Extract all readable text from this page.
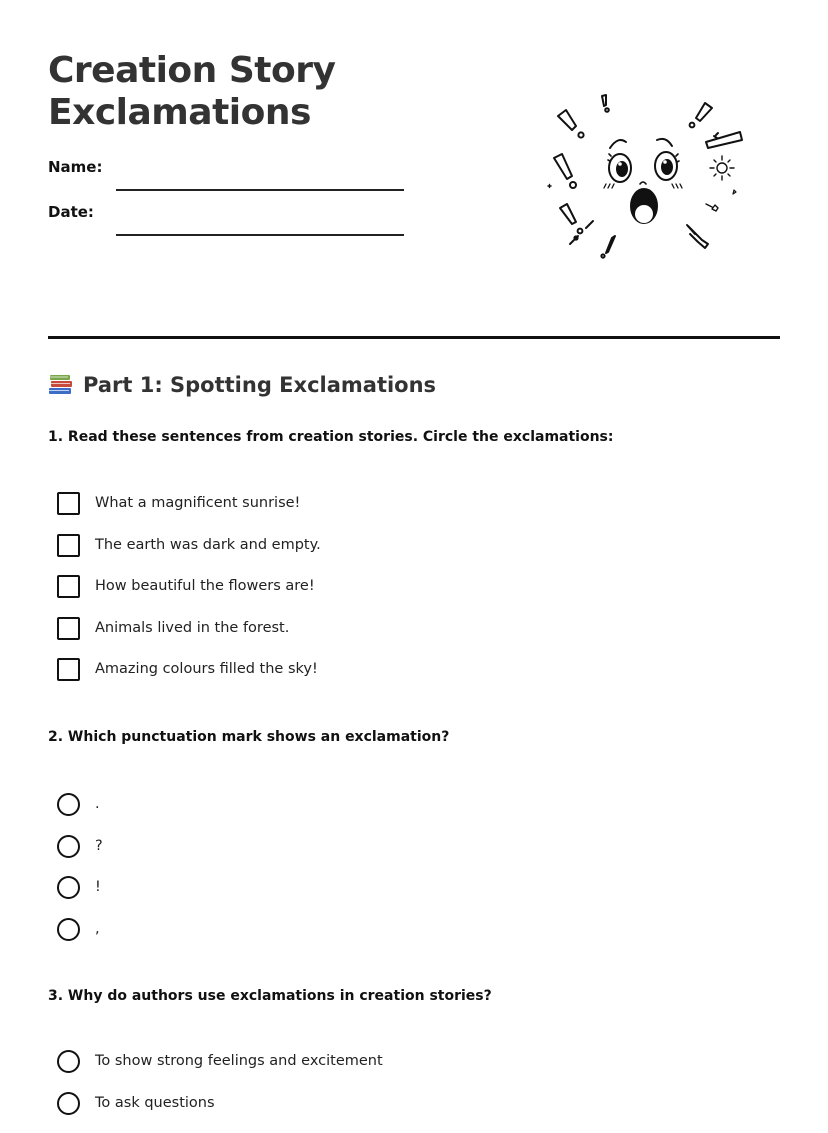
Creation Story
Exclamations
Name:
Date:
Part 1: Spotting Exclamations

1. Read these sentences from creation stories. Circle the exclamations:

What a magnificent sunrise!
The earth was dark and empty.
How beautiful the flowers are!
Animals lived in the forest.
Amazing colours filled the sky!

2. Which punctuation mark shows an exclamation?

.
?
!
,

3. Why do authors use exclamations in creation stories?

To show strong feelings and excitement
To ask questions
